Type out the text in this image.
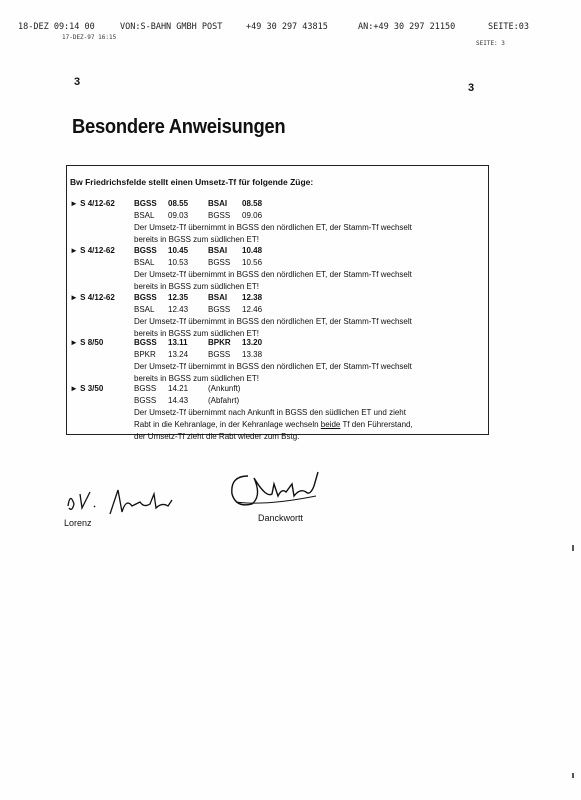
18-DEZ 09:14 00	VON:S-BAHN GMBH POST	+49 30 297 43815	AN:+49 30 297 21150	SEITE:03
17-DEZ-97 16:15
SEITE: 3
3	3
Besondere Anweisungen
Bw Friedrichsfelde stellt einen Umsetz-Tf für folgende Züge:
► S 4/12-62 BGSS 08.55 BSAI 08.58
BSAL 09.03 BGSS 09.06
Der Umsetz-Tf übernimmt in BGSS den nördlichen ET, der Stamm-Tf wechselt
bereits in BGSS zum südlichen ET!
► S 4/12-62 BGSS 10.45 BSAI 10.48
BSAL 10.53 BGSS 10.56
Der Umsetz-Tf übernimmt in BGSS den nördlichen ET, der Stamm-Tf wechselt
bereits in BGSS zum südlichen ET!
► S 4/12-62 BGSS 12.35 BSAI 12.38
BSAL 12.43 BGSS 12.46
Der Umsetz-Tf übernimmt in BGSS den nördlichen ET, der Stamm-Tf wechselt
bereits in BGSS zum südlichen ET!
► S 8/50	BGSS 13.11	BPKR 13.20
BPKR 13.24 BGSS 13.38
Der Umsetz-Tf übernimmt in BGSS den nördlichen ET, der Stamm-Tf wechselt
bereits in BGSS zum südlichen ET!
► S 3/50	BGSS 14.21 (Ankunft)
BGSS 14.43 (Abfahrt)
Der Umsetz-Tf übernimmt nach Ankunft in BGSS den südlichen ET und zieht
Rabt in die Kehranlage, in der Kehranlage wechseln beide Tf den Führerstand,
der Umsetz-Tf zieht die Rabt wieder zum Bstg.
Lorenz	Danckwortt
